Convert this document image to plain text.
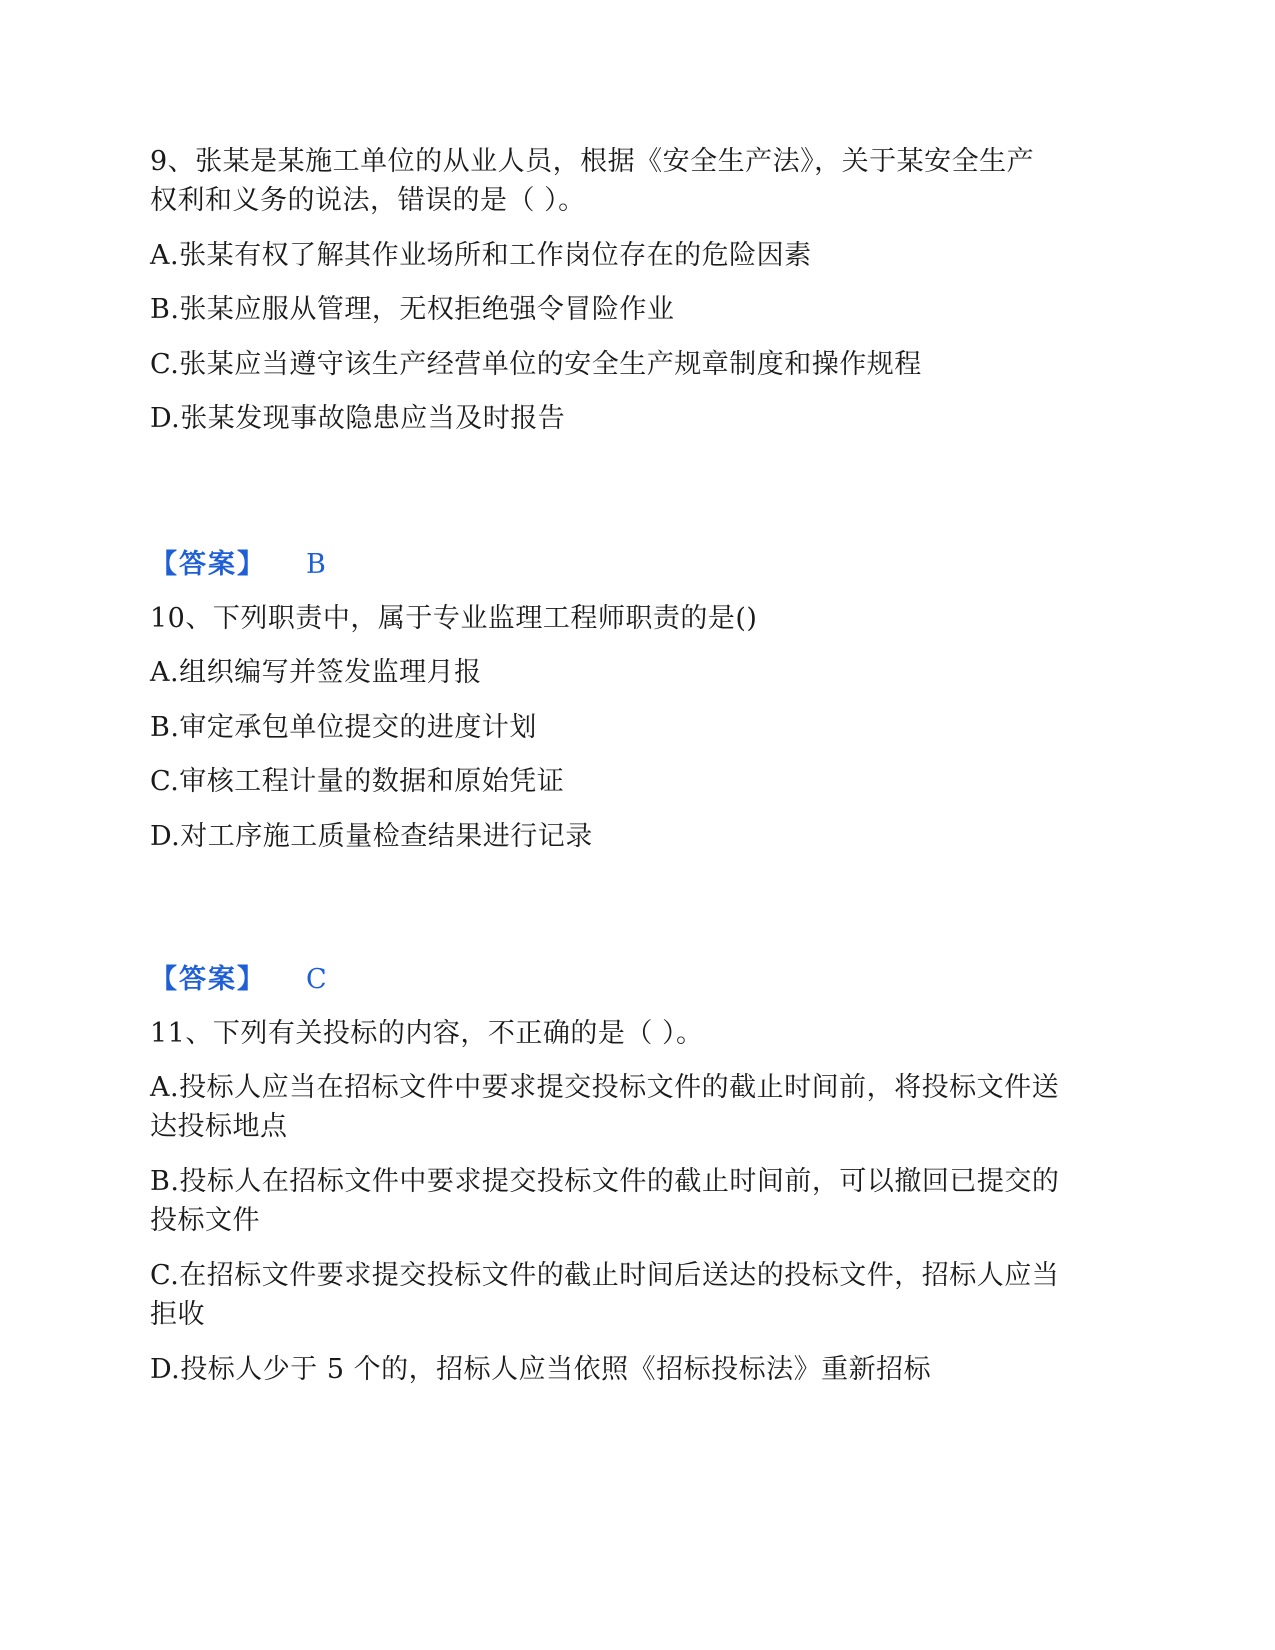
9、张某是某施工单位的从业人员，根据《安全生产法》，关于某安全生产
权利和义务的说法，错误的是（ ）。
A.张某有权了解其作业场所和工作岗位存在的危险因素
B.张某应服从管理，无权拒绝强令冒险作业
C.张某应当遵守该生产经营单位的安全生产规章制度和操作规程
D.张某发现事故隐患应当及时报告
【答案】 B
10、下列职责中，属于专业监理工程师职责的是()
A.组织编写并签发监理月报
B.审定承包单位提交的进度计划
C.审核工程计量的数据和原始凭证
D.对工序施工质量检查结果进行记录
【答案】 C
11、下列有关投标的内容，不正确的是（ ）。
A.投标人应当在招标文件中要求提交投标文件的截止时间前，将投标文件送
达投标地点
B.投标人在招标文件中要求提交投标文件的截止时间前，可以撤回已提交的
投标文件
C.在招标文件要求提交投标文件的截止时间后送达的投标文件，招标人应当
拒收
D.投标人少于 5 个的，招标人应当依照《招标投标法》重新招标
